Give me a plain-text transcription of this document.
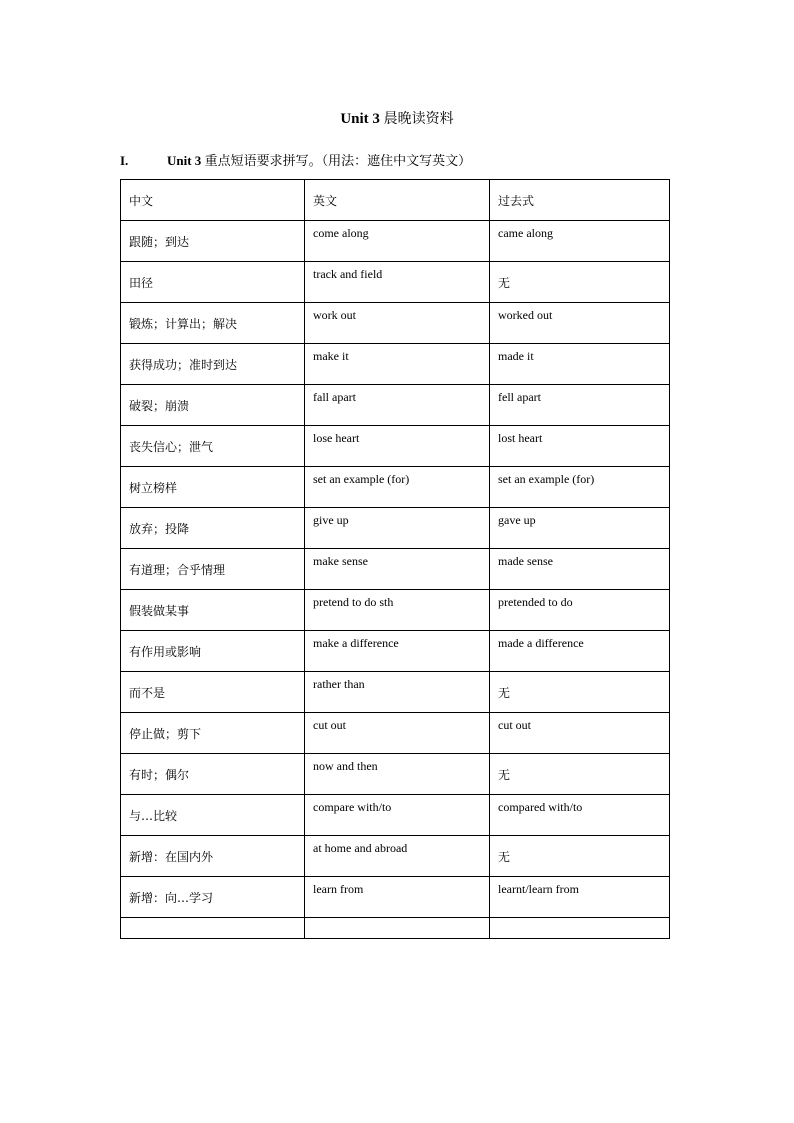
Unit 3 晨晚读资料
I.	Unit 3 重点短语要求拼写。（用法：遮住中文写英文）
中文	英文	过去式
跟随；到达	come along	came along
田径	track and field	无
锻炼；计算出；解决	work out	worked out
获得成功；准时到达	make it	made it
破裂；崩溃	fall apart	fell apart
丧失信心；泄气	lose heart	lost heart
树立榜样	set an example (for)	set an example (for)
放弃；投降	give up	gave up
有道理；合乎情理	make sense	made sense
假装做某事	pretend to do sth	pretended to do
有作用或影响	make a difference	made a difference
而不是	rather than	无
停止做；剪下	cut out	cut out
有时；偶尔	now and then	无
与…比较	compare with/to	compared with/to
新增：在国内外	at home and abroad	无
新增：向…学习	learn from	learnt/learn from
